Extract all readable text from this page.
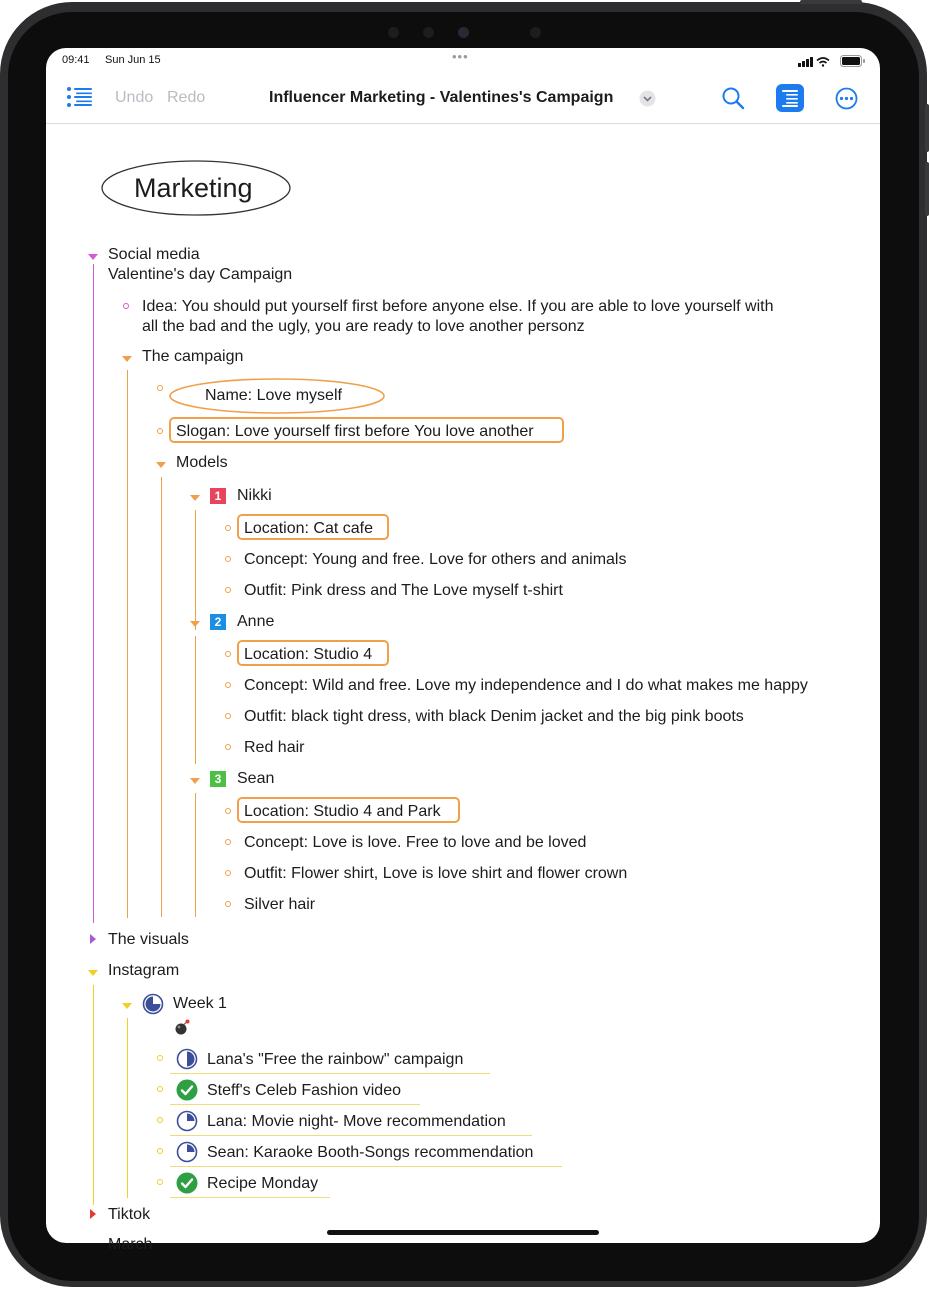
09:41 Sun Jun 15	•••
Undo Redo	Influencer Marketing - Valentines's Campaign
Marketing
Social media
Valentine's day Campaign
Idea: You should put yourself first before anyone else. If you are able to love yourself with
all the bad and the ugly, you are ready to love another personz
The campaign
Name: Love myself
Slogan: Love yourself first before You love another
Models
1 Nikki
Location: Cat cafe
Concept: Young and free. Love for others and animals
Outfit: Pink dress and The Love myself t-shirt
2 Anne
Location: Studio 4
Concept: Wild and free. Love my independence and I do what makes me happy
Outfit: black tight dress, with black Denim jacket and the big pink boots
Red hair
3 Sean
Location: Studio 4 and Park
Concept: Love is love. Free to love and be loved
Outfit: Flower shirt, Love is love shirt and flower crown
Silver hair
The visuals
Instagram
Week 1
Lana's "Free the rainbow" campaign
Steff's Celeb Fashion video
Lana: Movie night- Move recommendation
Sean: Karaoke Booth-Songs recommendation
Recipe Monday
Tiktok
March
